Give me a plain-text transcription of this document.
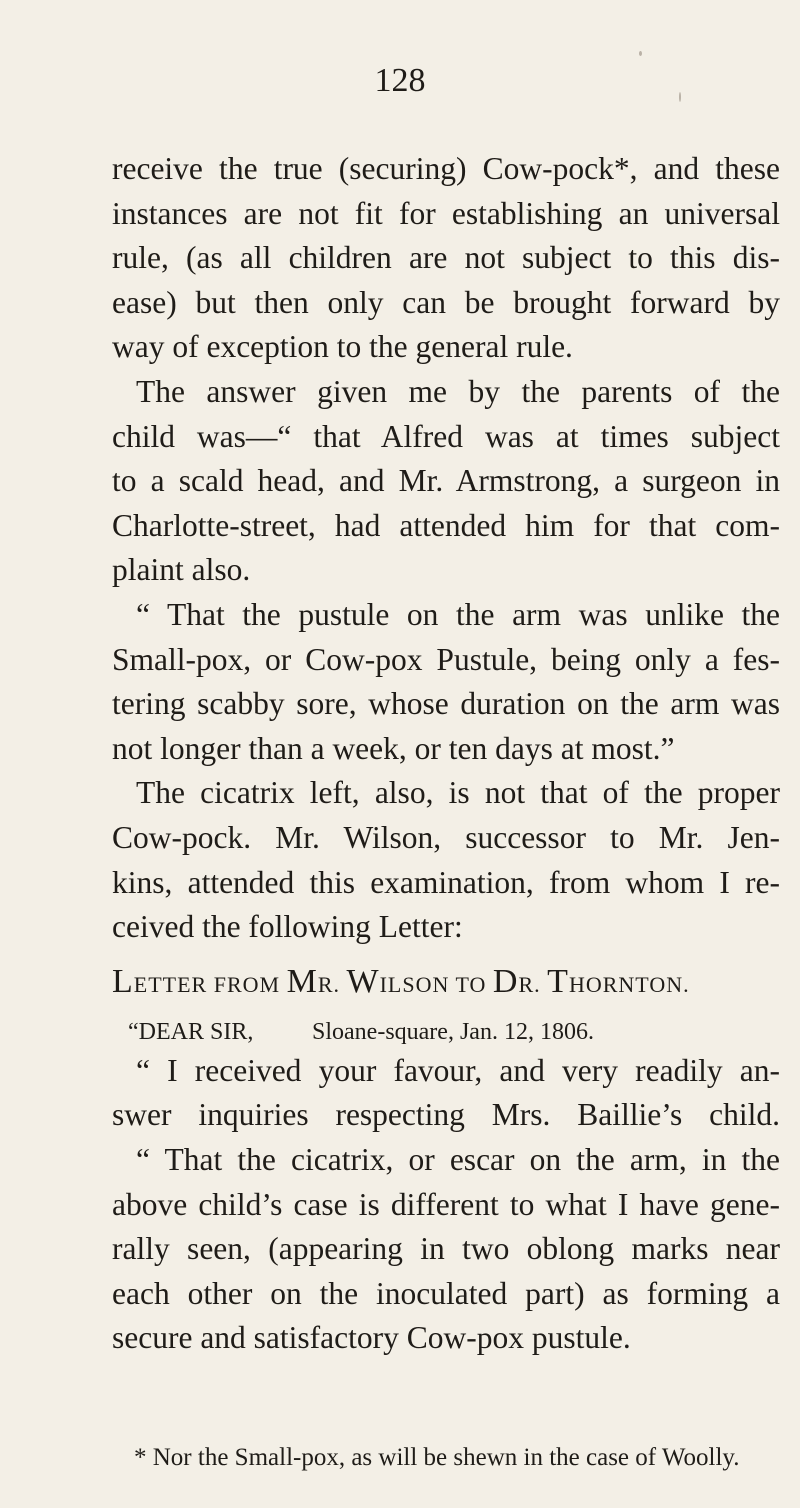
128
receive the true (securing) Cow-pock*, and these
instances are not fit for establishing an universal
rule, (as all children are not subject to this dis-
ease) but then only can be brought forward by
way of exception to the general rule.
The answer given me by the parents of the
child was—“ that Alfred was at times subject
to a scald head, and Mr. Armstrong, a surgeon in
Charlotte-street, had attended him for that com-
plaint also.
“ That the pustule on the arm was unlike the
Small-pox, or Cow-pox Pustule, being only a fes-
tering scabby sore, whose duration on the arm was
not longer than a week, or ten days at most.”
The cicatrix left, also, is not that of the proper
Cow-pock. Mr. Wilson, successor to Mr. Jen-
kins, attended this examination, from whom I re-
ceived the following Letter:
LETTER FROM MR. WILSON TO DR. THORNTON.
“DEAR SIR, Sloane-square, Jan. 12, 1806.
“ I received your favour, and very readily an-
swer inquiries respecting Mrs. Baillie’s child.
“ That the cicatrix, or escar on the arm, in the
above child’s case is different to what I have gene-
rally seen, (appearing in two oblong marks near
each other on the inoculated part) as forming a
secure and satisfactory Cow-pox pustule.
* Nor the Small-pox, as will be shewn in the case of Woolly.
